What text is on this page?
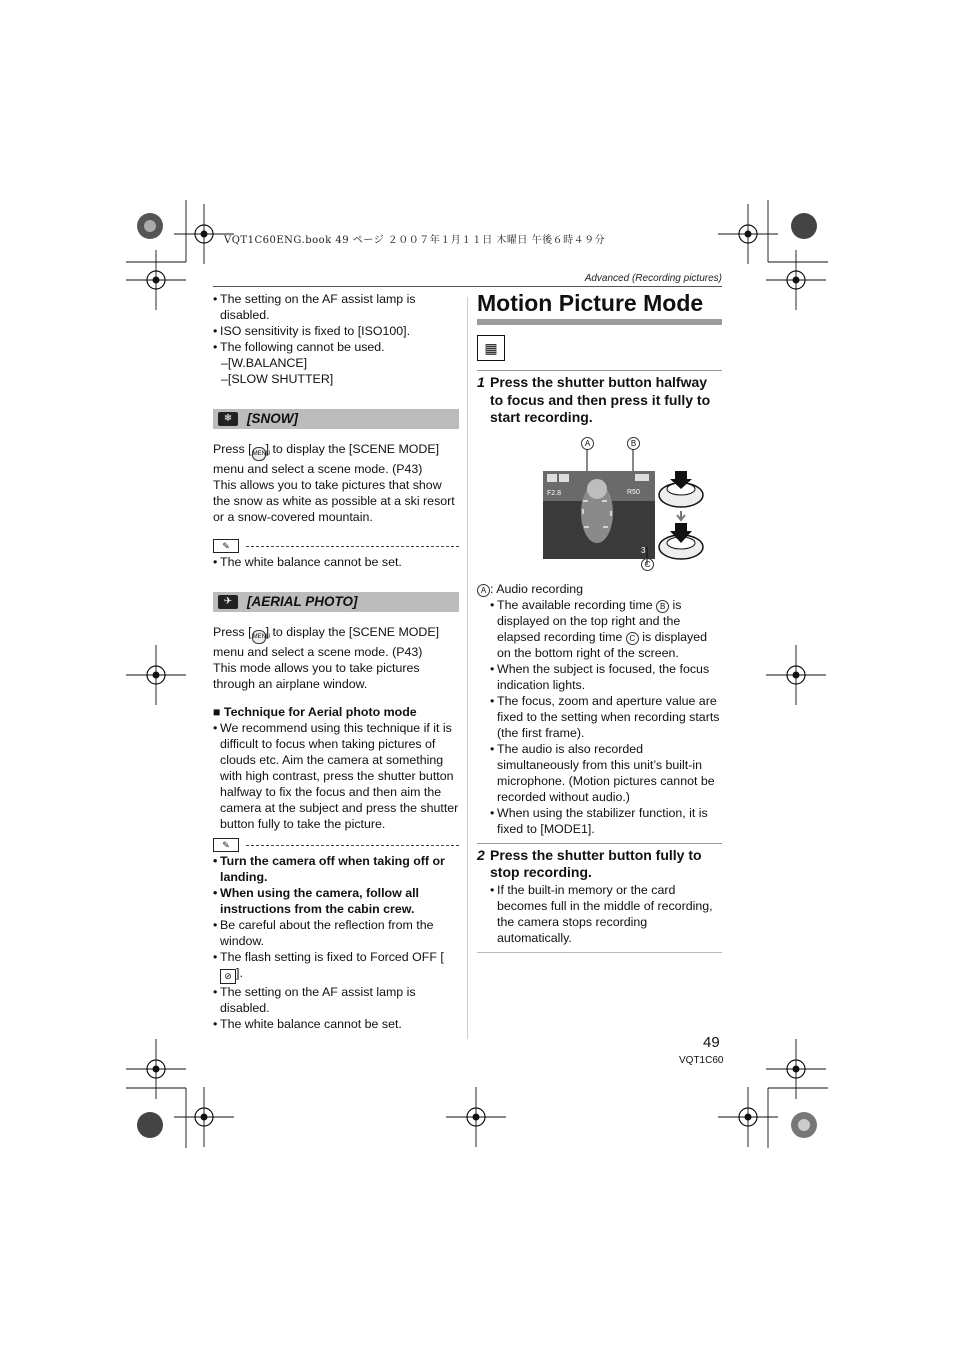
VQT1C60ENG.book 49 ページ ２００７年１月１１日 木曜日 午後６時４９分
Advanced (Recording pictures)
• The setting on the AF assist lamp is disabled.
• ISO sensitivity is fixed to [ISO100].
• The following cannot be used.
–[W.BALANCE]
–[SLOW SHUTTER]
❄	[SNOW]

Press [MENU] to display the [SCENE MODE] menu and select a scene mode. (P43)

This allows you to take pictures that show the snow as white as possible at a ski resort or a snow-covered mountain.

✎
• The white balance cannot be set.
✈	[AERIAL PHOTO]

Press [MENU] to display the [SCENE MODE] menu and select a scene mode. (P43)

This mode allows you to take pictures through an airplane window.

■ Technique for Aerial photo mode

• We recommend using this technique if it is difficult to focus when taking pictures of clouds etc. Aim the camera at something with high contrast, press the shutter button halfway to fix the focus and then aim the camera at the subject and press the shutter button fully to take the picture.
✎
• Turn the camera off when taking off or landing.
• When using the camera, follow all instructions from the cabin crew.
• Be careful about the reflection from the window.
• The flash setting is fixed to Forced OFF [⊘ ].
• The setting on the AF assist lamp is disabled.
• The white balance cannot be set.
Motion Picture Mode
▦
1 Press the shutter button halfway to focus and then press it fully to start recording.
A	B
R50
F2.8
3
C

A : Audio recording

• The available recording time B is displayed on the top right and the elapsed recording time C is displayed on the bottom right of the screen.
• When the subject is focused, the focus indication lights.
• The focus, zoom and aperture value are fixed to the setting when recording starts (the first frame).
• The audio is also recorded simultaneously from this unit’s built-in microphone. (Motion pictures cannot be recorded without audio.)
• When using the stabilizer function, it is fixed to [MODE1].
2 Press the shutter button fully to stop recording.
• If the built-in memory or the card becomes full in the middle of recording, the camera stops recording automatically.
49
VQT1C60
